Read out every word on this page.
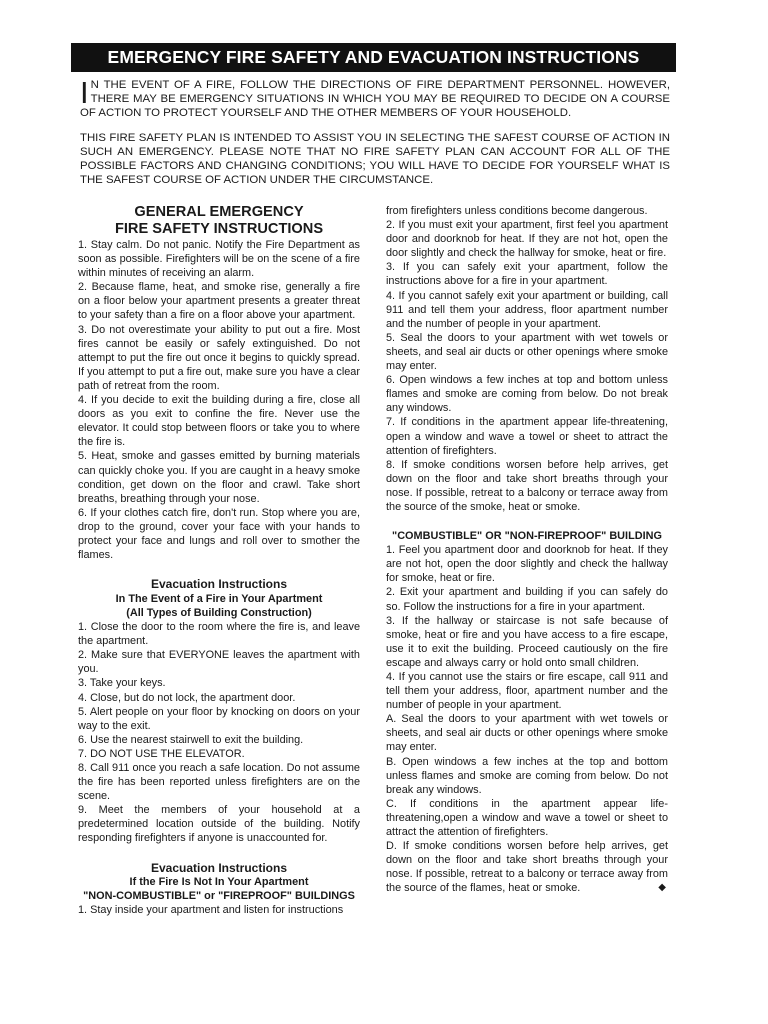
EMERGENCY FIRE SAFETY AND EVACUATION INSTRUCTIONS

I N THE EVENT OF A FIRE, FOLLOW THE DIRECTIONS OF FIRE DEPARTMENT PERSONNEL. HOWEVER, THERE MAY BE EMERGENCY SITUATIONS IN WHICH YOU MAY BE REQUIRED TO DECIDE ON A COURSE OF ACTION TO PROTECT YOURSELF AND THE OTHER MEMBERS OF YOUR HOUSEHOLD.

THIS FIRE SAFETY PLAN IS INTENDED TO ASSIST YOU IN SELECTING THE SAFEST COURSE OF ACTION IN SUCH AN EMERGENCY. PLEASE NOTE THAT NO FIRE SAFETY PLAN CAN ACCOUNT FOR ALL OF THE POSSIBLE FACTORS AND CHANGING CONDITIONS; YOU WILL HAVE TO DECIDE FOR YOURSELF WHAT IS THE SAFEST COURSE OF ACTION UNDER THE CIRCUMSTANCE.

GENERAL EMERGENCY
FIRE SAFETY INSTRUCTIONS

1. Stay calm. Do not panic. Notify the Fire Department as soon as possible. Firefighters will be on the scene of a fire within minutes of receiving an alarm.

2. Because flame, heat, and smoke rise, generally a fire on a floor below your apartment presents a greater threat to your safety than a fire on a floor above your apartment.

3. Do not overestimate your ability to put out a fire. Most fires cannot be easily or safely extinguished. Do not attempt to put the fire out once it begins to quickly spread. If you attempt to put a fire out, make sure you have a clear path of retreat from the room.

4. If you decide to exit the building during a fire, close all doors as you exit to confine the fire. Never use the elevator. It could stop between floors or take you to where the fire is.

5. Heat, smoke and gasses emitted by burning materials can quickly choke you. If you are caught in a heavy smoke condition, get down on the floor and crawl. Take short breaths, breathing through your nose.

6. If your clothes catch fire, don't run. Stop where you are, drop to the ground, cover your face with your hands to protect your face and lungs and roll over to smother the flames.

Evacuation Instructions
In The Event of a Fire in Your Apartment
(All Types of Building Construction)

1. Close the door to the room where the fire is, and leave the apartment.

2. Make sure that EVERYONE leaves the apartment with you.

3. Take your keys.

4. Close, but do not lock, the apartment door.

5. Alert people on your floor by knocking on doors on your way to the exit.

6. Use the nearest stairwell to exit the building.

7. DO NOT USE THE ELEVATOR.

8. Call 911 once you reach a safe location. Do not assume the fire has been reported unless firefighters are on the scene.

9. Meet the members of your household at a predetermined location outside of the building. Notify responding firefighters if anyone is unaccounted for.

Evacuation Instructions
If the Fire Is Not In Your Apartment
"NON-COMBUSTIBLE" or "FIREPROOF" BUILDINGS

1. Stay inside your apartment and listen for instructions

from firefighters unless conditions become dangerous.

2. If you must exit your apartment, first feel you apartment door and doorknob for heat. If they are not hot, open the door slightly and check the hallway for smoke, heat or fire.

3. If you can safely exit your apartment, follow the instructions above for a fire in your apartment.

4. If you cannot safely exit your apartment or building, call 911 and tell them your address, floor apartment number and the number of people in your apartment.

5. Seal the doors to your apartment with wet towels or sheets, and seal air ducts or other openings where smoke may enter.

6. Open windows a few inches at top and bottom unless flames and smoke are coming from below. Do not break any windows.

7. If conditions in the apartment appear life-threatening, open a window and wave a towel or sheet to attract the attention of firefighters.

8. If smoke conditions worsen before help arrives, get down on the floor and take short breaths through your nose. If possible, retreat to a balcony or terrace away from the source of the smoke, heat or smoke.

"COMBUSTIBLE" OR "NON-FIREPROOF" BUILDING

1. Feel you apartment door and doorknob for heat. If they are not hot, open the door slightly and check the hallway for smoke, heat or fire.

2. Exit your apartment and building if you can safely do so. Follow the instructions for a fire in your apartment.

3. If the hallway or staircase is not safe because of smoke, heat or fire and you have access to a fire escape, use it to exit the building. Proceed cautiously on the fire escape and always carry or hold onto small children.

4. If you cannot use the stairs or fire escape, call 911 and tell them your address, floor, apartment number and the number of people in your apartment.

A. Seal the doors to your apartment with wet towels or sheets, and seal air ducts or other openings where smoke may enter.

B. Open windows a few inches at the top and bottom unless flames and smoke are coming from below. Do not break any windows.

C. If conditions in the apartment appear life-threatening,open a window and wave a towel or sheet to attract the attention of firefighters.

D. If smoke conditions worsen before help arrives, get down on the floor and take short breaths through your nose. If possible, retreat to a balcony or terrace away from the source of the flames, heat or smoke.	◆
